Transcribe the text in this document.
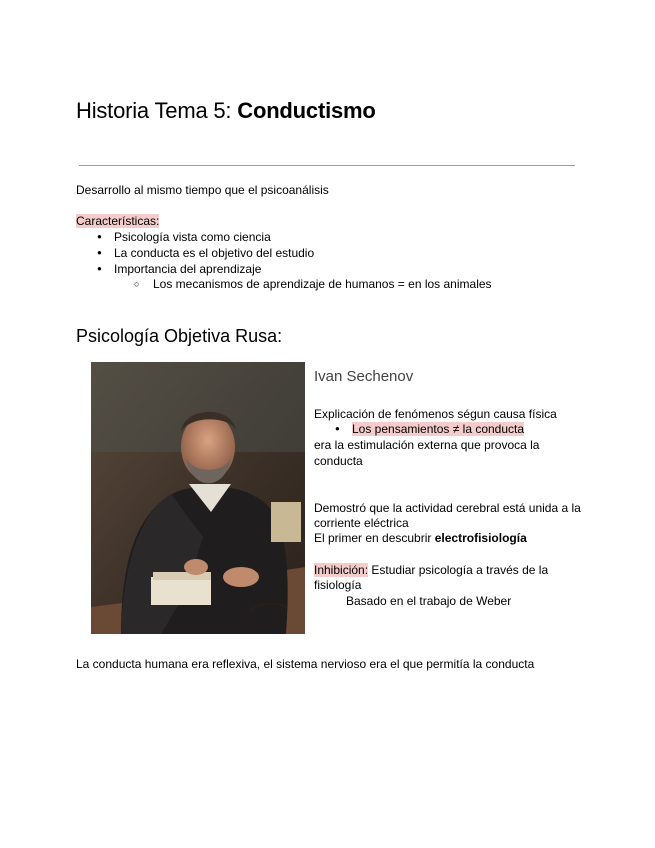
Historia Tema 5: Conductismo
Desarrollo al mismo tiempo que el psicoanálisis
Características:
● Psicología vista como ciencia
● La conducta es el objetivo del estudio
● Importancia del aprendizaje
○ Los mecanismos de aprendizaje de humanos = en los animales
Psicología Objetiva Rusa:
Ivan Sechenov
Explicación de fenómenos ségun causa física
● Los pensamientos ≠ la conducta
era la estimulación externa que provoca la
conducta
Demostró que la actividad cerebral está unida a la
corriente eléctrica
El primer en descubrir electrofisiología
Inhibición: Estudiar psicología a través de la
fisiología
Basado en el trabajo de Weber
La conducta humana era reflexiva, el sistema nervioso era el que permitía la conducta
